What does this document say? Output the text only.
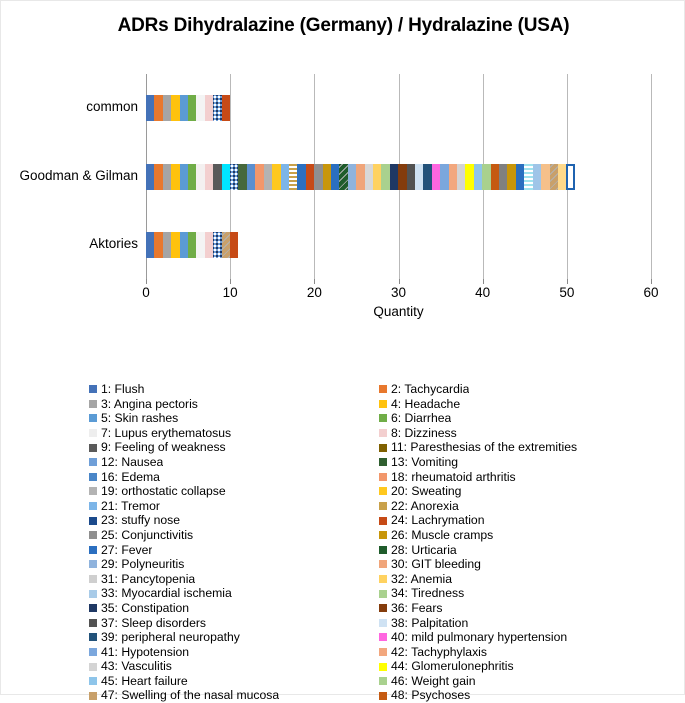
ADRs Dihydralazine (Germany) / Hydralazine (USA)
common
Goodman & Gilman
Aktories
0	10	20	30	40	50	60
Quantity
1: Flush	2: Tachycardia
3: Angina pectoris	4: Headache
5: Skin rashes	6: Diarrhea
7: Lupus erythematosus	8: Dizziness
9: Feeling of weakness	11: Paresthesias of the extremities
12: Nausea	13: Vomiting
16: Edema	18: rheumatoid arthritis
19: orthostatic collapse	20: Sweating
21: Tremor	22: Anorexia
23: stuffy nose	24: Lachrymation
25: Conjunctivitis	26: Muscle cramps
27: Fever	28: Urticaria
29: Polyneuritis	30: GIT bleeding
31: Pancytopenia	32: Anemia
33: Myocardial ischemia	34: Tiredness
35: Constipation	36: Fears
37: Sleep disorders	38: Palpitation
39: peripheral neuropathy	40: mild pulmonary hypertension
41: Hypotension	42: Tachyphylaxis
43: Vasculitis	44: Glomerulonephritis
45: Heart failure	46: Weight gain
47: Swelling of the nasal mucosa	48: Psychoses
